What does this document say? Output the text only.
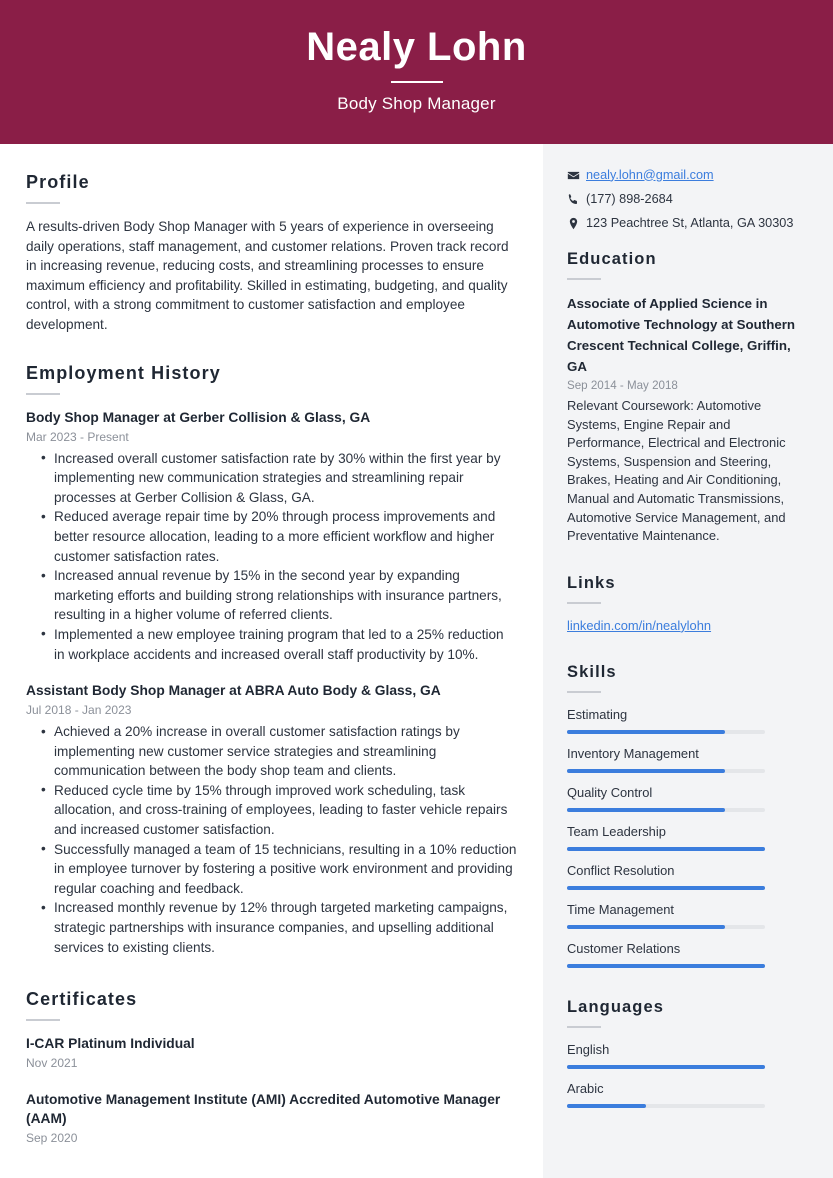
Nealy Lohn
Body Shop Manager
Profile
A results-driven Body Shop Manager with 5 years of experience in overseeing daily operations, staff management, and customer relations. Proven track record in increasing revenue, reducing costs, and streamlining processes to ensure maximum efficiency and profitability. Skilled in estimating, budgeting, and quality control, with a strong commitment to customer satisfaction and employee development.
Employment History
Body Shop Manager at Gerber Collision & Glass, GA
Mar 2023 - Present
• Increased overall customer satisfaction rate by 30% within the first year by implementing new communication strategies and streamlining repair processes at Gerber Collision & Glass, GA.
• Reduced average repair time by 20% through process improvements and better resource allocation, leading to a more efficient workflow and higher customer satisfaction rates.
• Increased annual revenue by 15% in the second year by expanding marketing efforts and building strong relationships with insurance partners, resulting in a higher volume of referred clients.
• Implemented a new employee training program that led to a 25% reduction in workplace accidents and increased overall staff productivity by 10%.
Assistant Body Shop Manager at ABRA Auto Body & Glass, GA
Jul 2018 - Jan 2023
• Achieved a 20% increase in overall customer satisfaction ratings by implementing new customer service strategies and streamlining communication between the body shop team and clients.
• Reduced cycle time by 15% through improved work scheduling, task allocation, and cross-training of employees, leading to faster vehicle repairs and increased customer satisfaction.
• Successfully managed a team of 15 technicians, resulting in a 10% reduction in employee turnover by fostering a positive work environment and providing regular coaching and feedback.
• Increased monthly revenue by 12% through targeted marketing campaigns, strategic partnerships with insurance companies, and upselling additional services to existing clients.
Certificates
I-CAR Platinum Individual
Nov 2021
Automotive Management Institute (AMI) Accredited Automotive Manager (AAM)
Sep 2020
nealy.lohn@gmail.com
(177) 898-2684
123 Peachtree St, Atlanta, GA 30303
Education
Associate of Applied Science in Automotive Technology at Southern Crescent Technical College, Griffin, GA
Sep 2014 - May 2018
Relevant Coursework: Automotive Systems, Engine Repair and Performance, Electrical and Electronic Systems, Suspension and Steering, Brakes, Heating and Air Conditioning, Manual and Automatic Transmissions, Automotive Service Management, and Preventative Maintenance.
Links
linkedin.com/in/nealylohn
Skills
Estimating
Inventory Management
Quality Control
Team Leadership
Conflict Resolution
Time Management
Customer Relations
Languages
English
Arabic
